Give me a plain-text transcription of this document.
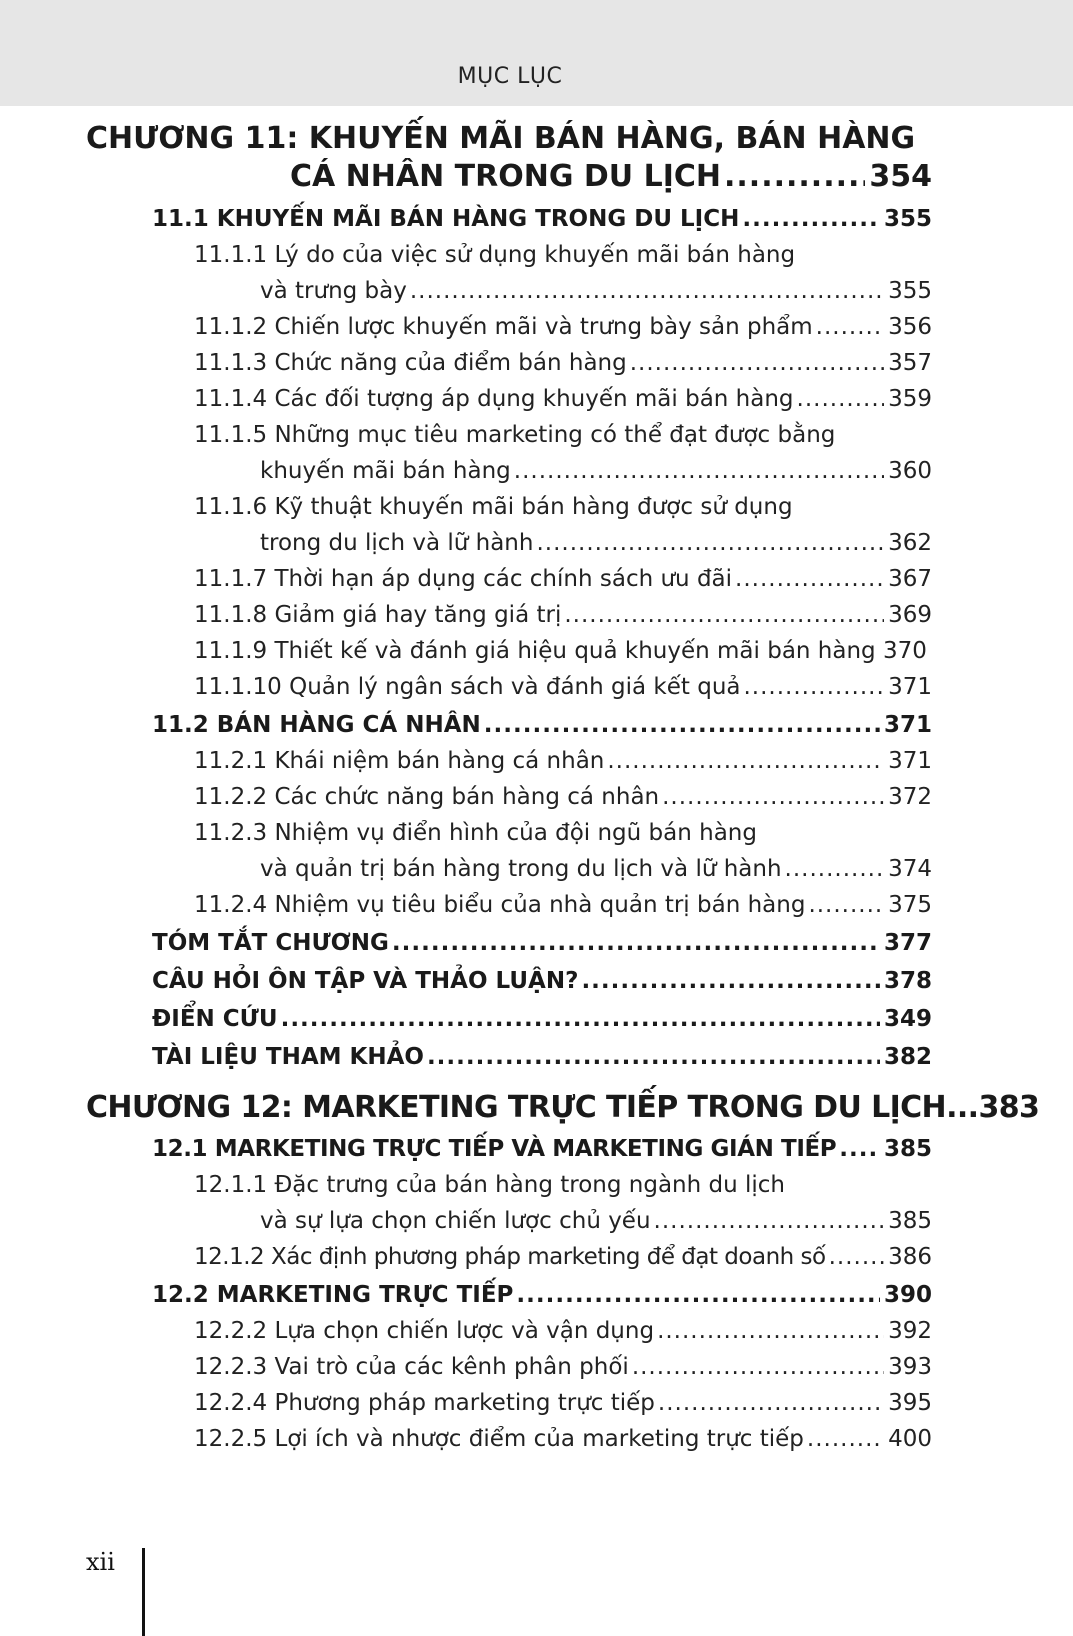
MỤC LỤC
CHƯƠNG 11: KHUYẾN MÃI BÁN HÀNG, BÁN HÀNG
CÁ NHÂN TRONG DU LỊCH .....	354
11.1 KHUYẾN MÃI BÁN HÀNG TRONG DU LỊCH .....	355
11.1.1 Lý do của việc sử dụng khuyến mãi bán hàng
và trưng bày .....	355
11.1.2 Chiến lược khuyến mãi và trưng bày sản phẩm .....	356
11.1.3 Chức năng của điểm bán hàng .....	357
11.1.4 Các đối tượng áp dụng khuyến mãi bán hàng .....	359
11.1.5 Những mục tiêu marketing có thể đạt được bằng
khuyến mãi bán hàng .....	360
11.1.6 Kỹ thuật khuyến mãi bán hàng được sử dụng
trong du lịch và lữ hành .....	362
11.1.7 Thời hạn áp dụng các chính sách ưu đãi .....	367
11.1.8 Giảm giá hay tăng giá trị .....	369
11.1.9 Thiết kế và đánh giá hiệu quả khuyến mãi bán hàng 370
11.1.10 Quản lý ngân sách và đánh giá kết quả .....	371
11.2 BÁN HÀNG CÁ NHÂN .....	371
11.2.1 Khái niệm bán hàng cá nhân .....	371
11.2.2 Các chức năng bán hàng cá nhân .....	372
11.2.3 Nhiệm vụ điển hình của đội ngũ bán hàng
và quản trị bán hàng trong du lịch và lữ hành .....	374
11.2.4 Nhiệm vụ tiêu biểu của nhà quản trị bán hàng .....	375
TÓM TẮT CHƯƠNG .....	377
CÂU HỎI ÔN TẬP VÀ THẢO LUẬN? .....	378
ĐIỂN CỨU .....	349
TÀI LIỆU THAM KHẢO .....	382
CHƯƠNG 12: MARKETING TRỰC TIẾP TRONG DU LỊCH...383
12.1 MARKETING TRỰC TIẾP VÀ MARKETING GIÁN TIẾP ..... 385
12.1.1 Đặc trưng của bán hàng trong ngành du lịch
và sự lựa chọn chiến lược chủ yếu .....	385
12.1.2 Xác định phương pháp marketing để đạt doanh số .....	386
12.2 MARKETING TRỰC TIẾP .....	390
12.2.2 Lựa chọn chiến lược và vận dụng .....	392
12.2.3 Vai trò của các kênh phân phối .....	393
12.2.4 Phương pháp marketing trực tiếp .....	395
12.2.5 Lợi ích và nhược điểm của marketing trực tiếp .....	400
xii
